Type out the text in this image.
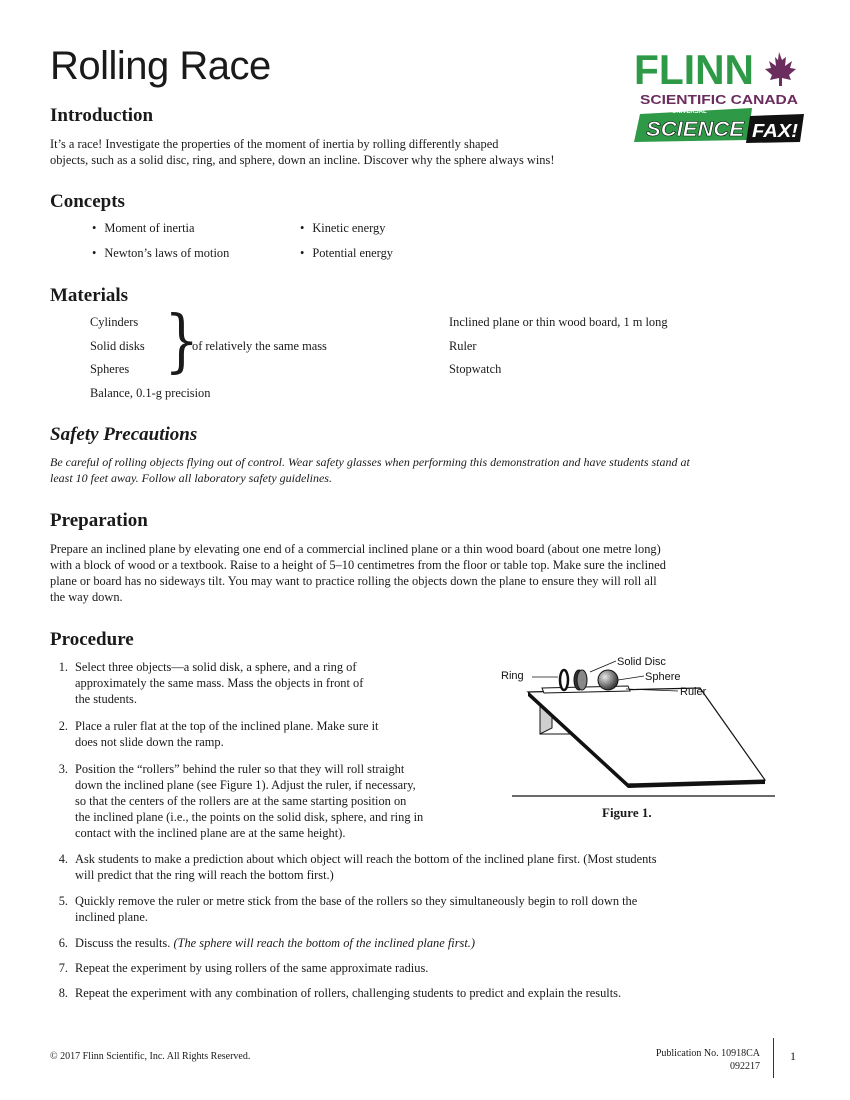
Rolling Race	FLINN
SCIENTIFIC CANADA
SCIENCE
UNIVERSAL
FAX!
Introduction

It’s a race! Investigate the properties of the moment of inertia by rolling differently shaped

objects, such as a solid disc, ring, and sphere, down an incline. Discover why the sphere always wins!

Concepts
• Moment of inertia	• Kinetic energy
• Newton’s laws of motion	• Potential energy
Materials
Cylinders
Solid disks
Spheres }
of relatively the same mass
Balance, 0.1-g precision
Inclined plane or thin wood board, 1 m long
Ruler
Stopwatch
Safety Precautions

Be careful of rolling objects flying out of control. Wear safety glasses when performing this demonstration and have students stand at

least 10 feet away. Follow all laboratory safety guidelines.

Preparation

Prepare an inclined plane by elevating one end of a commercial inclined plane or a thin wood board (about one metre long)

with a block of wood or a textbook. Raise to a height of 5–10 centimetres from the floor or table top. Make sure the inclined

plane or board has no sideways tilt. You may want to practice rolling the objects down the plane to ensure they will roll all

the way down.

Procedure
1. Select three objects—a solid disk, a sphere, and a ring of
approximately the same mass. Mass the objects in front of
the students.
2. Place a ruler flat at the top of the inclined plane. Make sure it
does not slide down the ramp.
3. Position the “rollers” behind the ruler so that they will roll straight
down the inclined plane (see Figure 1). Adjust the ruler, if necessary,
so that the centers of the rollers are at the same starting position on
the inclined plane (i.e., the points on the solid disk, sphere, and ring in
contact with the inclined plane are at the same height).
4. Ask students to make a prediction about which object will reach the bottom of the inclined plane first. (Most students
will predict that the ring will reach the bottom first.)
5. Quickly remove the ruler or metre stick from the base of the rollers so they simultaneously begin to roll down the
inclined plane.
6. Discuss the results. (The sphere will reach the bottom of the inclined plane first.)
7. Repeat the experiment by using rollers of the same approximate radius.
8. Repeat the experiment with any combination of rollers, challenging students to predict and explain the results.
Solid Disc
Ring	Sphere
Ruler
Figure 1.
© 2017 Flinn Scientific, Inc. All Rights Reserved.	Publication No. 10918CA
092217
1
